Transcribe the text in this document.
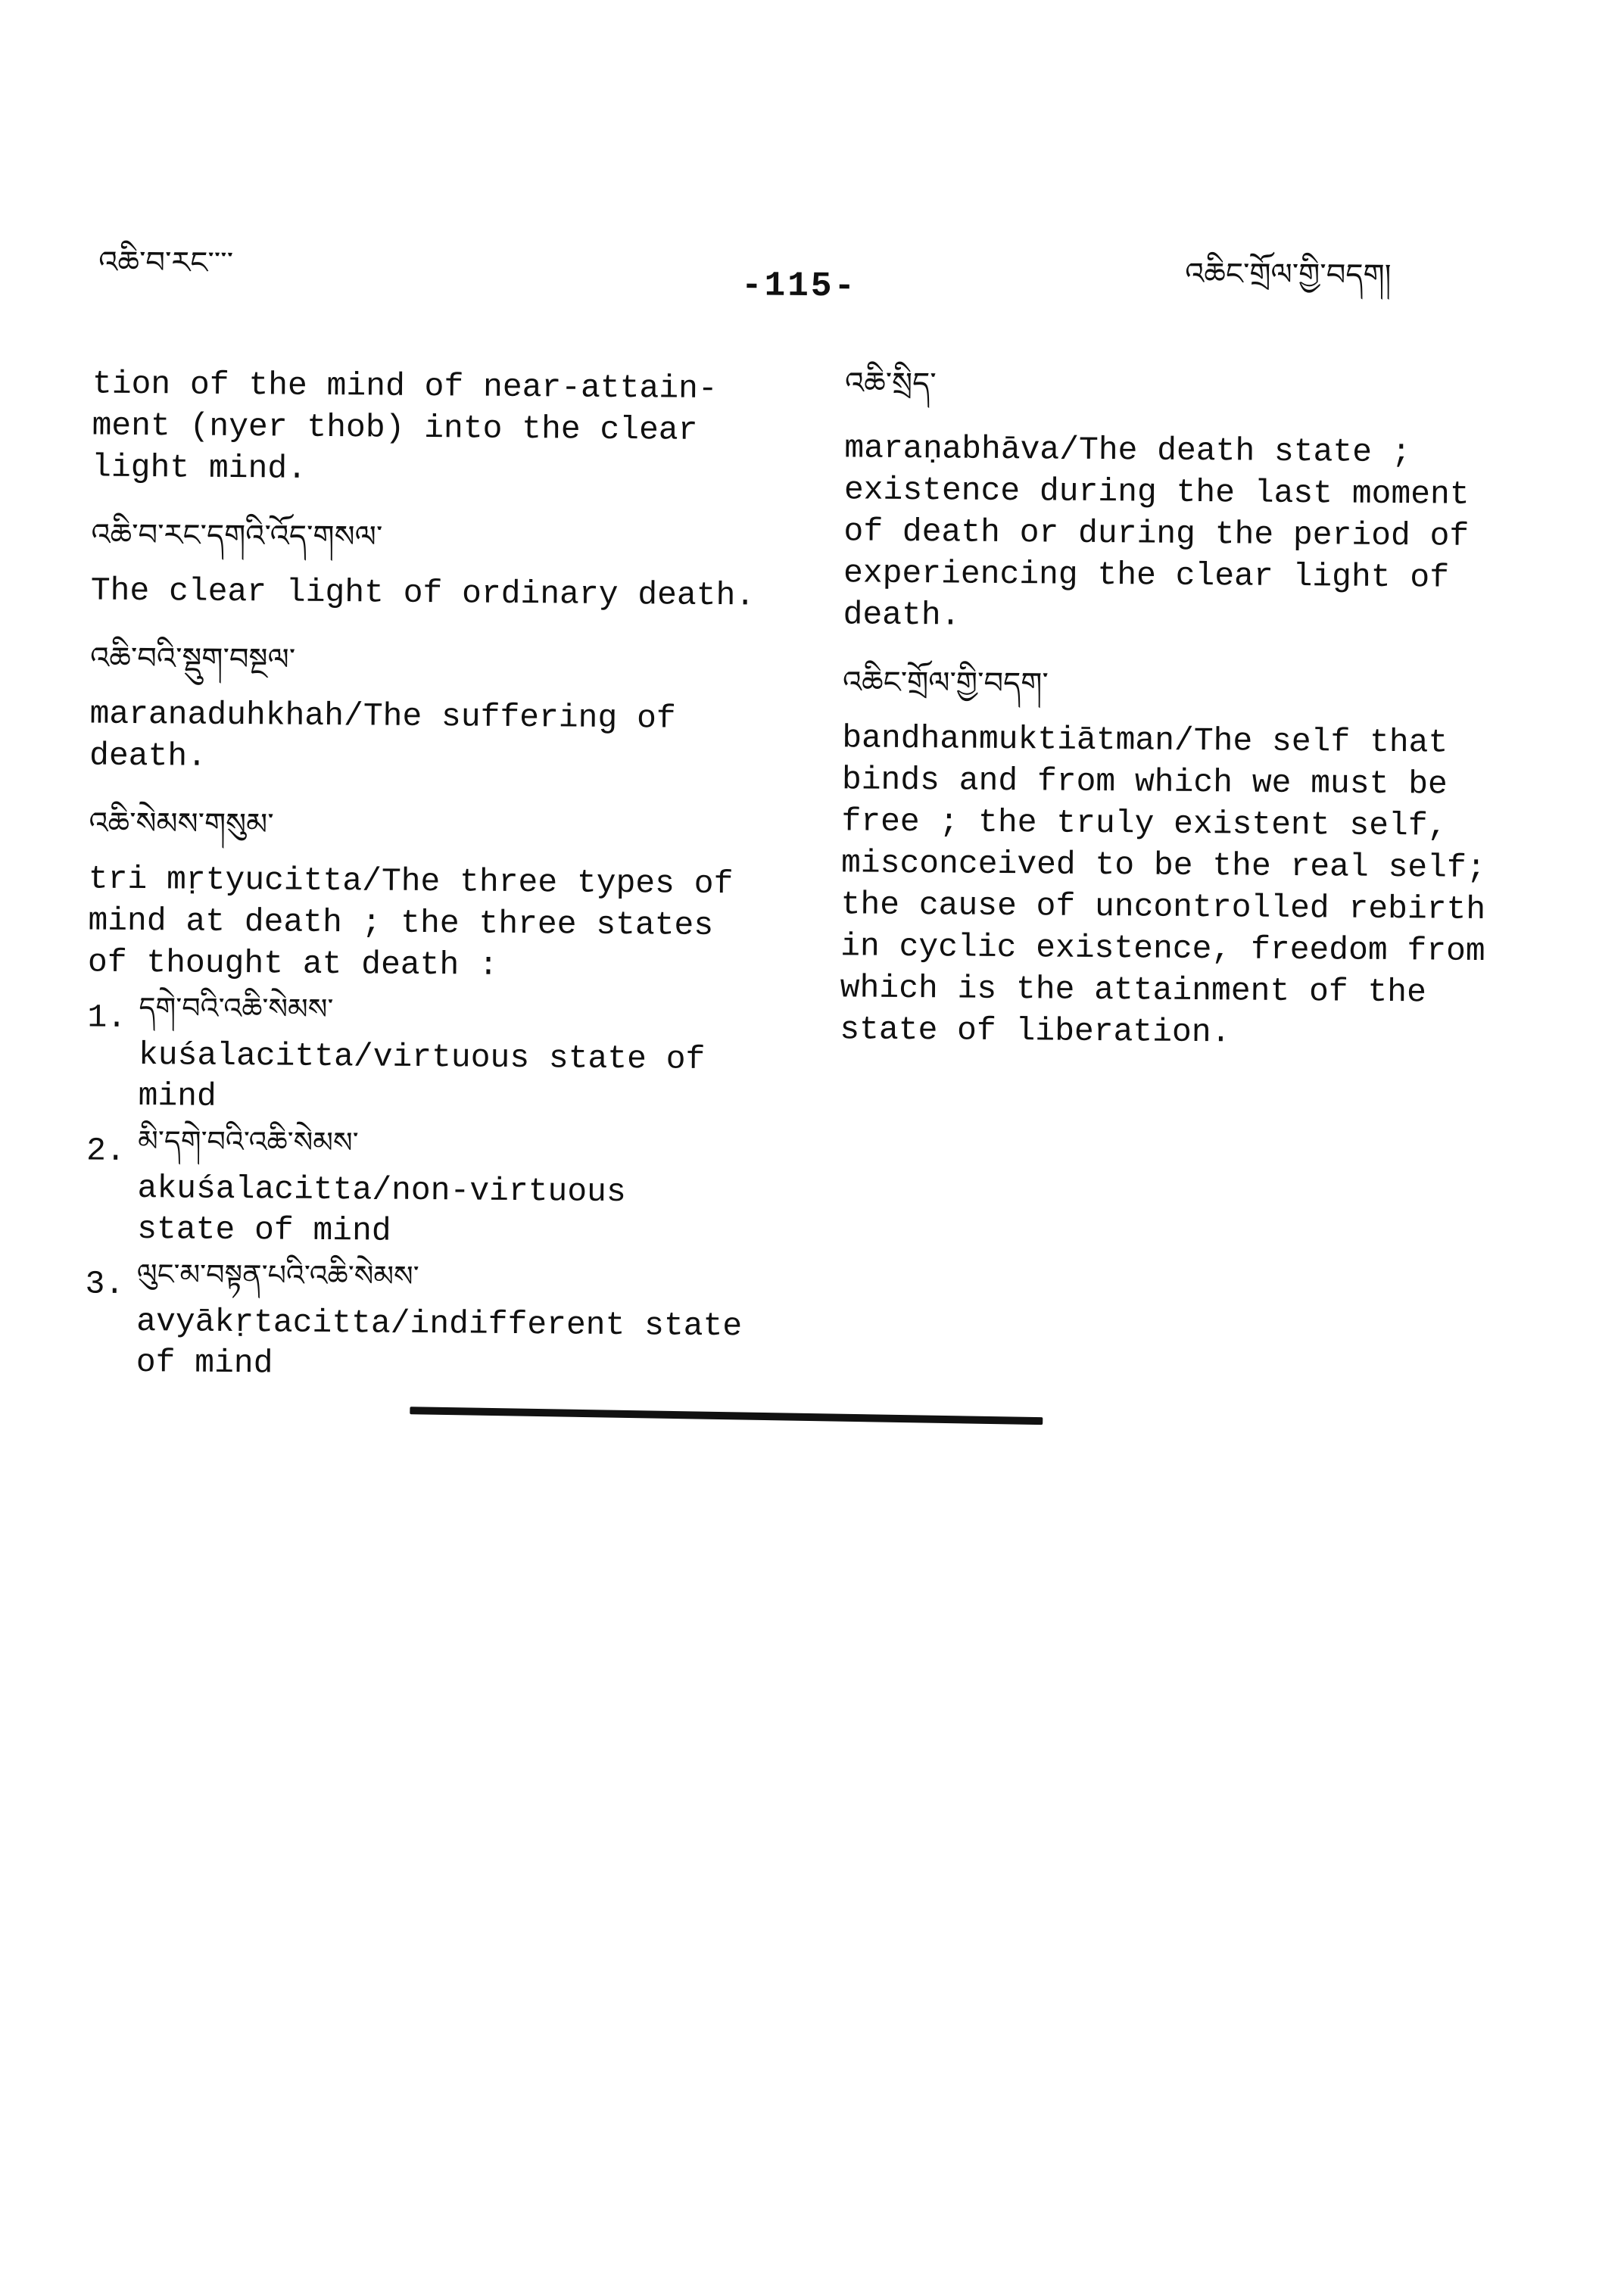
འཆི་བ་རང་་་་
-115-	འཆིང་གྲོལ་གྱི་བདག།

tion of the mind of near-attain-
ment (nyer thob) into the clear
light mind.

འཆི་བ་རང་དགའི་འོད་གསལ་

The clear light of ordinary death.

འཆི་བའི་སྡུག་བསྔལ་

maranaduhkhah/The suffering of
death.

འཆི་སེམས་གསུམ་

tri mṛtyucitta/The three types of
mind at death ; the three states
of thought at death :

1. དགེ་བའི་འཆི་སེམས་

kuśalacitta/virtuous state of
mind

2. མི་དགེ་བའི་འཆི་སེམས་

akuśalacitta/non-virtuous
state of mind

3. ལུང་མ་བསྟན་པའི་འཆི་སེམས་

avyākṛtacitta/indifferent state
of mind

འཆི་སྲིད་

maraṇabhāva/The death state ;
existence during the last moment
of death or during the period of
experiencing the clear light of
death.

འཆིང་གྲོལ་གྱི་བདག་

bandhanmuktiātman/The self that
binds and from which we must be
free ; the truly existent self,
misconceived to be the real self;
the cause of uncontrolled rebirth
in cyclic existence, freedom from
which is the attainment of the
state of liberation.
